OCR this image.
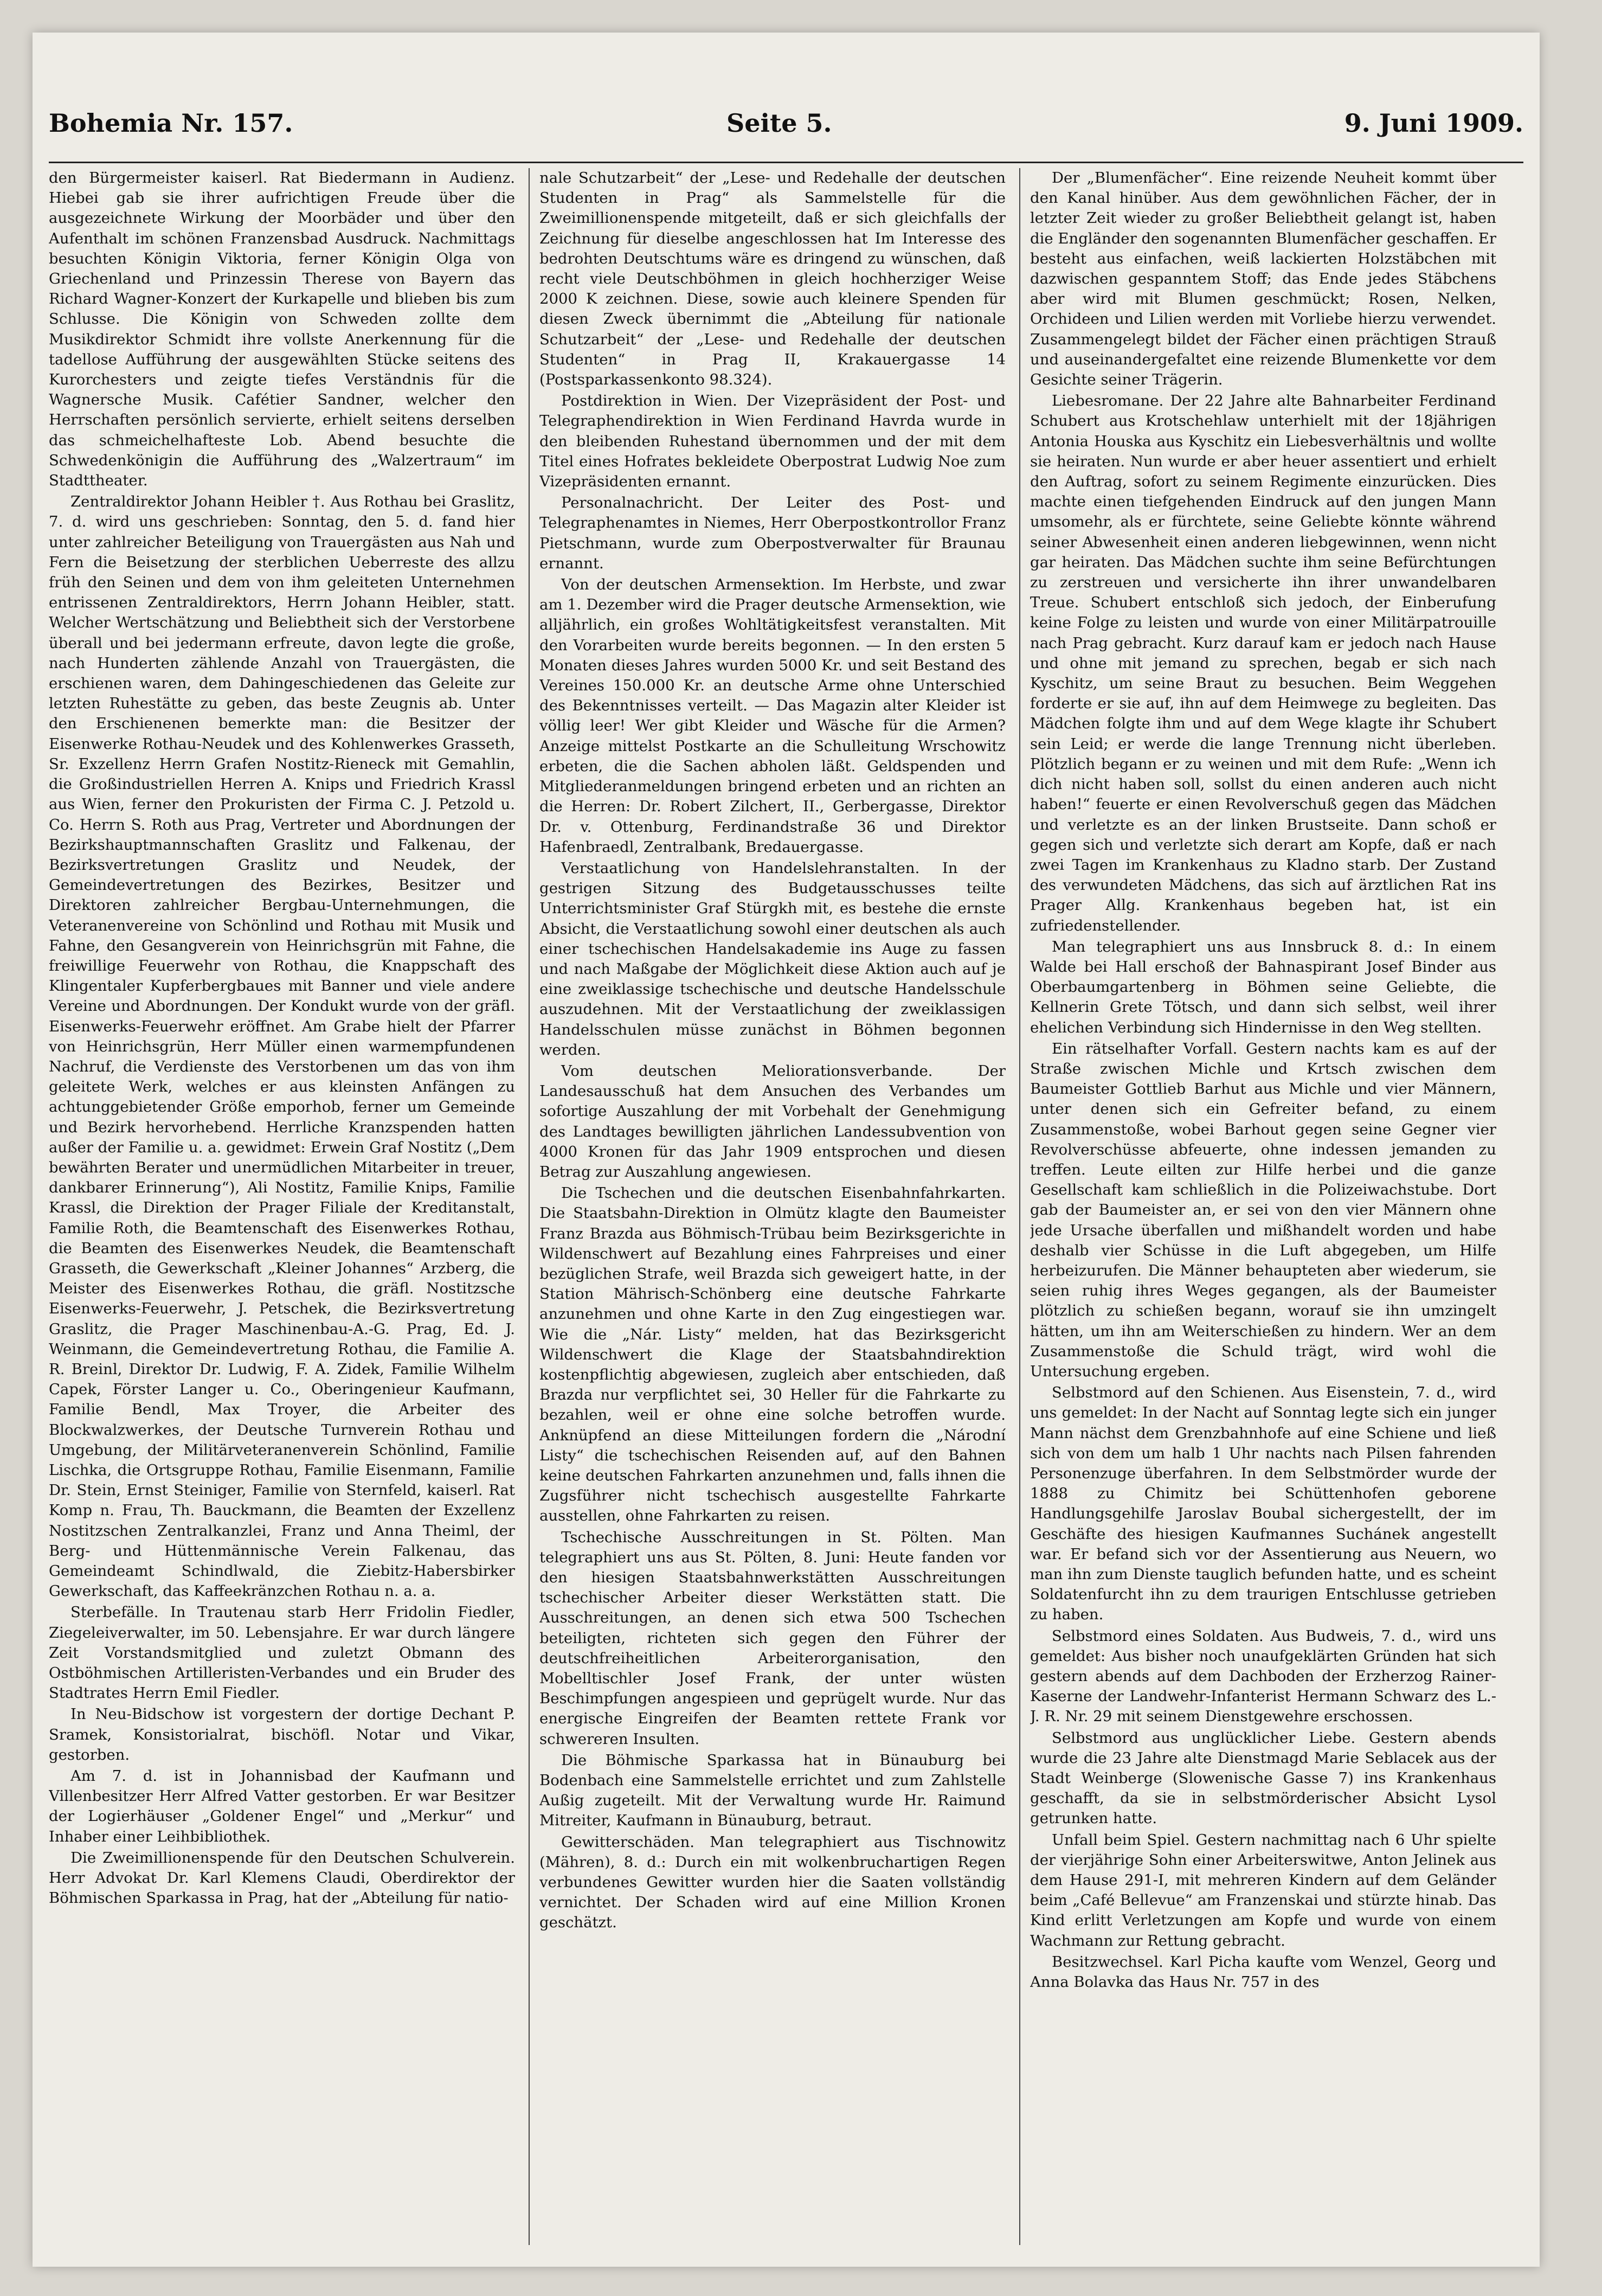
Bohemia Nr. 157.	Seite 5.	9. Juni 1909.

den Bürgermeister kaiserl. Rat Biedermann in Audienz. Hiebei gab sie ihrer aufrichtigen Freude über die ausgezeichnete Wirkung der Moorbäder und über den Aufenthalt im schönen Franzensbad Ausdruck. Nachmittags besuchten Königin Viktoria, ferner Königin Olga von Griechenland und Prinzessin Therese von Bayern das Richard Wagner-Konzert der Kurkapelle und blieben bis zum Schlusse. Die Königin von Schweden zollte dem Musikdirektor Schmidt ihre vollste Anerkennung für die tadellose Aufführung der ausgewählten Stücke seitens des Kurorchesters und zeigte tiefes Verständnis für die Wagnersche Musik. Cafétier Sandner, welcher den Herrschaften persönlich servierte, erhielt seitens derselben das schmeichelhafteste Lob. Abend besuchte die Schwedenkönigin die Aufführung des „Walzertraum“ im Stadttheater.

Zentraldirektor Johann Heibler †. Aus Rothau bei Graslitz, 7. d. wird uns geschrieben: Sonntag, den 5. d. fand hier unter zahlreicher Beteiligung von Trauergästen aus Nah und Fern die Beisetzung der sterblichen Ueberreste des allzu früh den Seinen und dem von ihm geleiteten Unternehmen entrissenen Zentraldirektors, Herrn Johann Heibler, statt. Welcher Wertschätzung und Beliebtheit sich der Verstorbene überall und bei jedermann erfreute, davon legte die große, nach Hunderten zählende Anzahl von Trauergästen, die erschienen waren, dem Dahingeschiedenen das Geleite zur letzten Ruhestätte zu geben, das beste Zeugnis ab. Unter den Erschienenen bemerkte man: die Besitzer der Eisenwerke Rothau-Neudek und des Kohlenwerkes Grasseth, Sr. Exzellenz Herrn Grafen Nostitz-Rieneck mit Gemahlin, die Großindustriellen Herren A. Knips und Friedrich Krassl aus Wien, ferner den Prokuristen der Firma C. J. Petzold u. Co. Herrn S. Roth aus Prag, Vertreter und Abordnungen der Bezirkshauptmannschaften Graslitz und Falkenau, der Bezirksvertretungen Graslitz und Neudek, der Gemeindevertretungen des Bezirkes, Besitzer und Direktoren zahlreicher Bergbau-Unternehmungen, die Veteranenvereine von Schönlind und Rothau mit Musik und Fahne, den Gesangverein von Heinrichsgrün mit Fahne, die freiwillige Feuerwehr von Rothau, die Knappschaft des Klingentaler Kupferbergbaues mit Banner und viele andere Vereine und Abordnungen. Der Kondukt wurde von der gräfl. Eisenwerks-Feuerwehr eröffnet. Am Grabe hielt der Pfarrer von Heinrichsgrün, Herr Müller einen warmempfundenen Nachruf, die Verdienste des Verstorbenen um das von ihm geleitete Werk, welches er aus kleinsten Anfängen zu achtunggebietender Größe emporhob, ferner um Gemeinde und Bezirk hervorhebend. Herrliche Kranzspenden hatten außer der Familie u. a. gewidmet: Erwein Graf Nostitz („Dem bewährten Berater und unermüdlichen Mitarbeiter in treuer, dankbarer Erinnerung“), Ali Nostitz, Familie Knips, Familie Krassl, die Direktion der Prager Filiale der Kreditanstalt, Familie Roth, die Beamtenschaft des Eisenwerkes Rothau, die Beamten des Eisenwerkes Neudek, die Beamtenschaft Grasseth, die Gewerkschaft „Kleiner Johannes“ Arzberg, die Meister des Eisenwerkes Rothau, die gräfl. Nostitzsche Eisenwerks-Feuerwehr, J. Petschek, die Bezirksvertretung Graslitz, die Prager Maschinenbau-A.-G. Prag, Ed. J. Weinmann, die Gemeindevertretung Rothau, die Familie A. R. Breinl, Direktor Dr. Ludwig, F. A. Zidek, Familie Wilhelm Capek, Förster Langer u. Co., Oberingenieur Kaufmann, Familie Bendl, Max Troyer, die Arbeiter des Blockwalzwerkes, der Deutsche Turnverein Rothau und Umgebung, der Militärveteranenverein Schönlind, Familie Lischka, die Ortsgruppe Rothau, Familie Eisenmann, Familie Dr. Stein, Ernst Steiniger, Familie von Sternfeld, kaiserl. Rat Komp n. Frau, Th. Bauckmann, die Beamten der Exzellenz Nostitzschen Zentralkanzlei, Franz und Anna Theiml, der Berg- und Hüttenmännische Verein Falkenau, das Gemeindeamt Schindlwald, die Ziebitz-Habersbirker Gewerkschaft, das Kaffeekränzchen Rothau n. a. a.

Sterbefälle. In Trautenau starb Herr Fridolin Fiedler, Ziegeleiverwalter, im 50. Lebensjahre. Er war durch längere Zeit Vorstandsmitglied und zuletzt Obmann des Ostböhmischen Artilleristen-Verbandes und ein Bruder des Stadtrates Herrn Emil Fiedler.

In Neu-Bidschow ist vorgestern der dortige Dechant P. Sramek, Konsistorialrat, bischöfl. Notar und Vikar, gestorben.

Am 7. d. ist in Johannisbad der Kaufmann und Villenbesitzer Herr Alfred Vatter gestorben. Er war Besitzer der Logierhäuser „Goldener Engel“ und „Merkur“ und Inhaber einer Leihbibliothek.

Die Zweimillionenspende für den Deutschen Schulverein. Herr Advokat Dr. Karl Klemens Claudi, Oberdirektor der Böhmischen Sparkassa in Prag, hat der „Abteilung für natio-

nale Schutzarbeit“ der „Lese- und Redehalle der deutschen Studenten in Prag“ als Sammelstelle für die Zweimillionenspende mitgeteilt, daß er sich gleichfalls der Zeichnung für dieselbe angeschlossen hat Im Interesse des bedrohten Deutschtums wäre es dringend zu wünschen, daß recht viele Deutschböhmen in gleich hochherziger Weise 2000 K zeichnen. Diese, sowie auch kleinere Spenden für diesen Zweck übernimmt die „Abteilung für nationale Schutzarbeit“ der „Lese- und Redehalle der deutschen Studenten“ in Prag II, Krakauergasse 14 (Postsparkassenkonto 98.324).

Postdirektion in Wien. Der Vizepräsident der Post- und Telegraphendirektion in Wien Ferdinand Havrda wurde in den bleibenden Ruhestand übernommen und der mit dem Titel eines Hofrates bekleidete Oberpostrat Ludwig Noe zum Vizepräsidenten ernannt.

Personalnachricht. Der Leiter des Post- und Telegraphenamtes in Niemes, Herr Oberpostkontrollor Franz Pietschmann, wurde zum Oberpostverwalter für Braunau ernannt.

Von der deutschen Armensektion. Im Herbste, und zwar am 1. Dezember wird die Prager deutsche Armensektion, wie alljährlich, ein großes Wohltätigkeitsfest veranstalten. Mit den Vorarbeiten wurde bereits begonnen. — In den ersten 5 Monaten dieses Jahres wurden 5000 Kr. und seit Bestand des Vereines 150.000 Kr. an deutsche Arme ohne Unterschied des Bekenntnisses verteilt. — Das Magazin alter Kleider ist völlig leer! Wer gibt Kleider und Wäsche für die Armen? Anzeige mittelst Postkarte an die Schulleitung Wrschowitz erbeten, die die Sachen abholen läßt. Geldspenden und Mitgliederanmeldungen bringend erbeten und an richten an die Herren: Dr. Robert Zilchert, II., Gerbergasse, Direktor Dr. v. Ottenburg, Ferdinandstraße 36 und Direktor Hafenbraedl, Zentralbank, Bredauergasse.

Verstaatlichung von Handelslehranstalten. In der gestrigen Sitzung des Budgetausschusses teilte Unterrichtsminister Graf Stürgkh mit, es bestehe die ernste Absicht, die Verstaatlichung sowohl einer deutschen als auch einer tschechischen Handelsakademie ins Auge zu fassen und nach Maßgabe der Möglichkeit diese Aktion auch auf je eine zweiklassige tschechische und deutsche Handelsschule auszudehnen. Mit der Verstaatlichung der zweiklassigen Handelsschulen müsse zunächst in Böhmen begonnen werden.

Vom deutschen Meliorationsverbande. Der Landesausschuß hat dem Ansuchen des Verbandes um sofortige Auszahlung der mit Vorbehalt der Genehmigung des Landtages bewilligten jährlichen Landessubvention von 4000 Kronen für das Jahr 1909 entsprochen und diesen Betrag zur Auszahlung angewiesen.

Die Tschechen und die deutschen Eisenbahnfahrkarten. Die Staatsbahn-Direktion in Olmütz klagte den Baumeister Franz Brazda aus Böhmisch-Trübau beim Bezirksgerichte in Wildenschwert auf Bezahlung eines Fahrpreises und einer bezüglichen Strafe, weil Brazda sich geweigert hatte, in der Station Mährisch-Schönberg eine deutsche Fahrkarte anzunehmen und ohne Karte in den Zug eingestiegen war. Wie die „Nár. Listy“ melden, hat das Bezirksgericht Wildenschwert die Klage der Staatsbahndirektion kostenpflichtig abgewiesen, zugleich aber entschieden, daß Brazda nur verpflichtet sei, 30 Heller für die Fahrkarte zu bezahlen, weil er ohne eine solche betroffen wurde. Anknüpfend an diese Mitteilungen fordern die „Národní Listy“ die tschechischen Reisenden auf, auf den Bahnen keine deutschen Fahrkarten anzunehmen und, falls ihnen die Zugsführer nicht tschechisch ausgestellte Fahrkarte ausstellen, ohne Fahrkarten zu reisen.

Tschechische Ausschreitungen in St. Pölten. Man telegraphiert uns aus St. Pölten, 8. Juni: Heute fanden vor den hiesigen Staatsbahnwerkstätten Ausschreitungen tschechischer Arbeiter dieser Werkstätten statt. Die Ausschreitungen, an denen sich etwa 500 Tschechen beteiligten, richteten sich gegen den Führer der deutschfreiheitlichen Arbeiterorganisation, den Mobelltischler Josef Frank, der unter wüsten Beschimpfungen angespieen und geprügelt wurde. Nur das energische Eingreifen der Beamten rettete Frank vor schwereren Insulten.

Die Böhmische Sparkassa hat in Bünauburg bei Bodenbach eine Sammelstelle errichtet und zum Zahlstelle Außig zugeteilt. Mit der Verwaltung wurde Hr. Raimund Mitreiter, Kaufmann in Bünauburg, betraut.

Gewitterschäden. Man telegraphiert aus Tischnowitz (Mähren), 8. d.: Durch ein mit wolkenbruchartigen Regen verbundenes Gewitter wurden hier die Saaten vollständig vernichtet. Der Schaden wird auf eine Million Kronen geschätzt.

Der „Blumenfächer“. Eine reizende Neuheit kommt über den Kanal hinüber. Aus dem gewöhnlichen Fächer, der in letzter Zeit wieder zu großer Beliebtheit gelangt ist, haben die Engländer den sogenannten Blumenfächer geschaffen. Er besteht aus einfachen, weiß lackierten Holzstäbchen mit dazwischen gespanntem Stoff; das Ende jedes Stäbchens aber wird mit Blumen geschmückt; Rosen, Nelken, Orchideen und Lilien werden mit Vorliebe hierzu verwendet. Zusammengelegt bildet der Fächer einen prächtigen Strauß und auseinandergefaltet eine reizende Blumenkette vor dem Gesichte seiner Trägerin.

Liebesromane. Der 22 Jahre alte Bahnarbeiter Ferdinand Schubert aus Krotschehlaw unterhielt mit der 18jährigen Antonia Houska aus Kyschitz ein Liebesverhältnis und wollte sie heiraten. Nun wurde er aber heuer assentiert und erhielt den Auftrag, sofort zu seinem Regimente einzurücken. Dies machte einen tiefgehenden Eindruck auf den jungen Mann umsomehr, als er fürchtete, seine Geliebte könnte während seiner Abwesenheit einen anderen liebgewinnen, wenn nicht gar heiraten. Das Mädchen suchte ihm seine Befürchtungen zu zerstreuen und versicherte ihn ihrer unwandelbaren Treue. Schubert entschloß sich jedoch, der Einberufung keine Folge zu leisten und wurde von einer Militärpatrouille nach Prag gebracht. Kurz darauf kam er jedoch nach Hause und ohne mit jemand zu sprechen, begab er sich nach Kyschitz, um seine Braut zu besuchen. Beim Weggehen forderte er sie auf, ihn auf dem Heimwege zu begleiten. Das Mädchen folgte ihm und auf dem Wege klagte ihr Schubert sein Leid; er werde die lange Trennung nicht überleben. Plötzlich begann er zu weinen und mit dem Rufe: „Wenn ich dich nicht haben soll, sollst du einen anderen auch nicht haben!“ feuerte er einen Revolverschuß gegen das Mädchen und verletzte es an der linken Brustseite. Dann schoß er gegen sich und verletzte sich derart am Kopfe, daß er nach zwei Tagen im Krankenhaus zu Kladno starb. Der Zustand des verwundeten Mädchens, das sich auf ärztlichen Rat ins Prager Allg. Krankenhaus begeben hat, ist ein zufriedenstellender.

Man telegraphiert uns aus Innsbruck 8. d.: In einem Walde bei Hall erschoß der Bahnaspirant Josef Binder aus Oberbaumgartenberg in Böhmen seine Geliebte, die Kellnerin Grete Tötsch, und dann sich selbst, weil ihrer ehelichen Verbindung sich Hindernisse in den Weg stellten.

Ein rätselhafter Vorfall. Gestern nachts kam es auf der Straße zwischen Michle und Krtsch zwischen dem Baumeister Gottlieb Barhut aus Michle und vier Männern, unter denen sich ein Gefreiter befand, zu einem Zusammenstoße, wobei Barhout gegen seine Gegner vier Revolverschüsse abfeuerte, ohne indessen jemanden zu treffen. Leute eilten zur Hilfe herbei und die ganze Gesellschaft kam schließlich in die Polizeiwachstube. Dort gab der Baumeister an, er sei von den vier Männern ohne jede Ursache überfallen und mißhandelt worden und habe deshalb vier Schüsse in die Luft abgegeben, um Hilfe herbeizurufen. Die Männer behaupteten aber wiederum, sie seien ruhig ihres Weges gegangen, als der Baumeister plötzlich zu schießen begann, worauf sie ihn umzingelt hätten, um ihn am Weiterschießen zu hindern. Wer an dem Zusammenstoße die Schuld trägt, wird wohl die Untersuchung ergeben.

Selbstmord auf den Schienen. Aus Eisenstein, 7. d., wird uns gemeldet: In der Nacht auf Sonntag legte sich ein junger Mann nächst dem Grenzbahnhofe auf eine Schiene und ließ sich von dem um halb 1 Uhr nachts nach Pilsen fahrenden Personenzuge überfahren. In dem Selbstmörder wurde der 1888 zu Chimitz bei Schüttenhofen geborene Handlungsgehilfe Jaroslav Boubal sichergestellt, der im Geschäfte des hiesigen Kaufmannes Suchánek angestellt war. Er befand sich vor der Assentierung aus Neuern, wo man ihn zum Dienste tauglich befunden hatte, und es scheint Soldatenfurcht ihn zu dem traurigen Entschlusse getrieben zu haben.

Selbstmord eines Soldaten. Aus Budweis, 7. d., wird uns gemeldet: Aus bisher noch unaufgeklärten Gründen hat sich gestern abends auf dem Dachboden der Erzherzog Rainer-Kaserne der Landwehr-Infanterist Hermann Schwarz des L.-J. R. Nr. 29 mit seinem Dienstgewehre erschossen.

Selbstmord aus unglücklicher Liebe. Gestern abends wurde die 23 Jahre alte Dienstmagd Marie Seblacek aus der Stadt Weinberge (Slowenische Gasse 7) ins Krankenhaus geschafft, da sie in selbstmörderischer Absicht Lysol getrunken hatte.

Unfall beim Spiel. Gestern nachmittag nach 6 Uhr spielte der vierjährige Sohn einer Arbeiterswitwe, Anton Jelinek aus dem Hause 291-I, mit mehreren Kindern auf dem Geländer beim „Café Bellevue“ am Franzenskai und stürzte hinab. Das Kind erlitt Verletzungen am Kopfe und wurde von einem Wachmann zur Rettung gebracht.

Besitzwechsel. Karl Picha kaufte vom Wenzel, Georg und Anna Bolavka das Haus Nr. 757 in des
